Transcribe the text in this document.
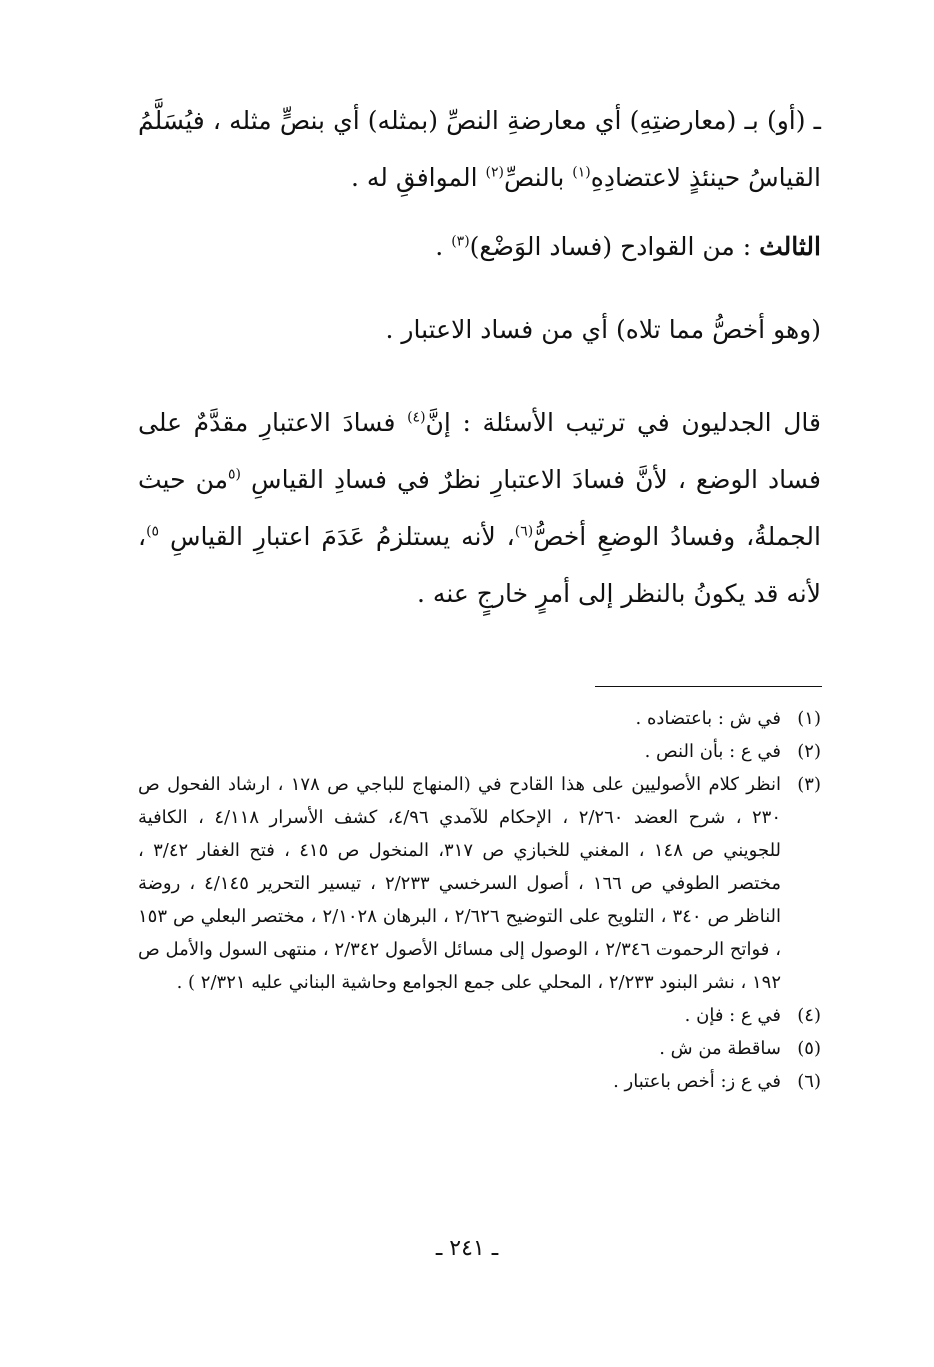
ـ (أو) بـ (معارضتِهِ) أي معارضةِ النصِّ (بمثله) أي بنصٍّ مثله ، فيُسَلَّمُ القياسُ حينئذٍ لاعتضادِهِ$^{(١)}$ بالنصِّ$^{(٢)}$ الموافقِ له .

الثالث : من القوادح (فساد الوَضْع)$^{(٣)}$ .

(وهو أخصُّ مما تلاه) أي من فساد الاعتبار .

قال الجدليون في ترتيب الأسئلة : إنَّ$^{(٤)}$ فسادَ الاعتبارِ مقدَّمٌ على فساد الوضع ، لأنَّ فسادَ الاعتبارِ نظرٌ في فسادِ القياسِ $^{(٥}$من حيث الجملةُ، وفسادُ الوضعِ أخصُّ$^{(٦)}$، لأنه يستلزمُ عَدَمَ اعتبارِ القياسِ $^{٥)}$، لأنه قد يكونُ بالنظر إلى أمرٍ خارجٍ عنه .

(١)
في ش : باعتضاده .
(٢)
في ع : بأن النص .
(٣)
انظر كلام الأصوليين على هذا القادح في (المنهاج للباجي ص ١٧٨ ، ارشاد الفحول ص ٢٣٠ ، شرح العضد ٢/٢٦٠ ، الإحكام للآمدي ٤/٩٦، كشف الأسرار ٤/١١٨ ، الكافية للجويني ص ١٤٨ ، المغني للخبازي ص ٣١٧، المنخول ص ٤١٥ ، فتح الغفار ٣/٤٢ ، مختصر الطوفي ص ١٦٦ ، أصول السرخسي ٢/٢٣٣ ، تيسير التحرير ٤/١٤٥ ، روضة الناظر ص ٣٤٠ ، التلويح على التوضيح ٢/٦٢٦ ، البرهان ٢/١٠٢٨ ، مختصر البعلي ص ١٥٣ ، فواتح الرحموت ٢/٣٤٦ ، الوصول إلى مسائل الأصول ٢/٣٤٢ ، منتهى السول والأمل ص ١٩٢ ، نشر البنود ٢/٢٣٣ ، المحلي على جمع الجوامع وحاشية البناني عليه ٢/٣٢١ ) .
(٤)
في ع : فإن .
(٥)
ساقطة من ش .
(٦)
في ع ز: أخص باعتبار .
ـ ٢٤١ ـ
